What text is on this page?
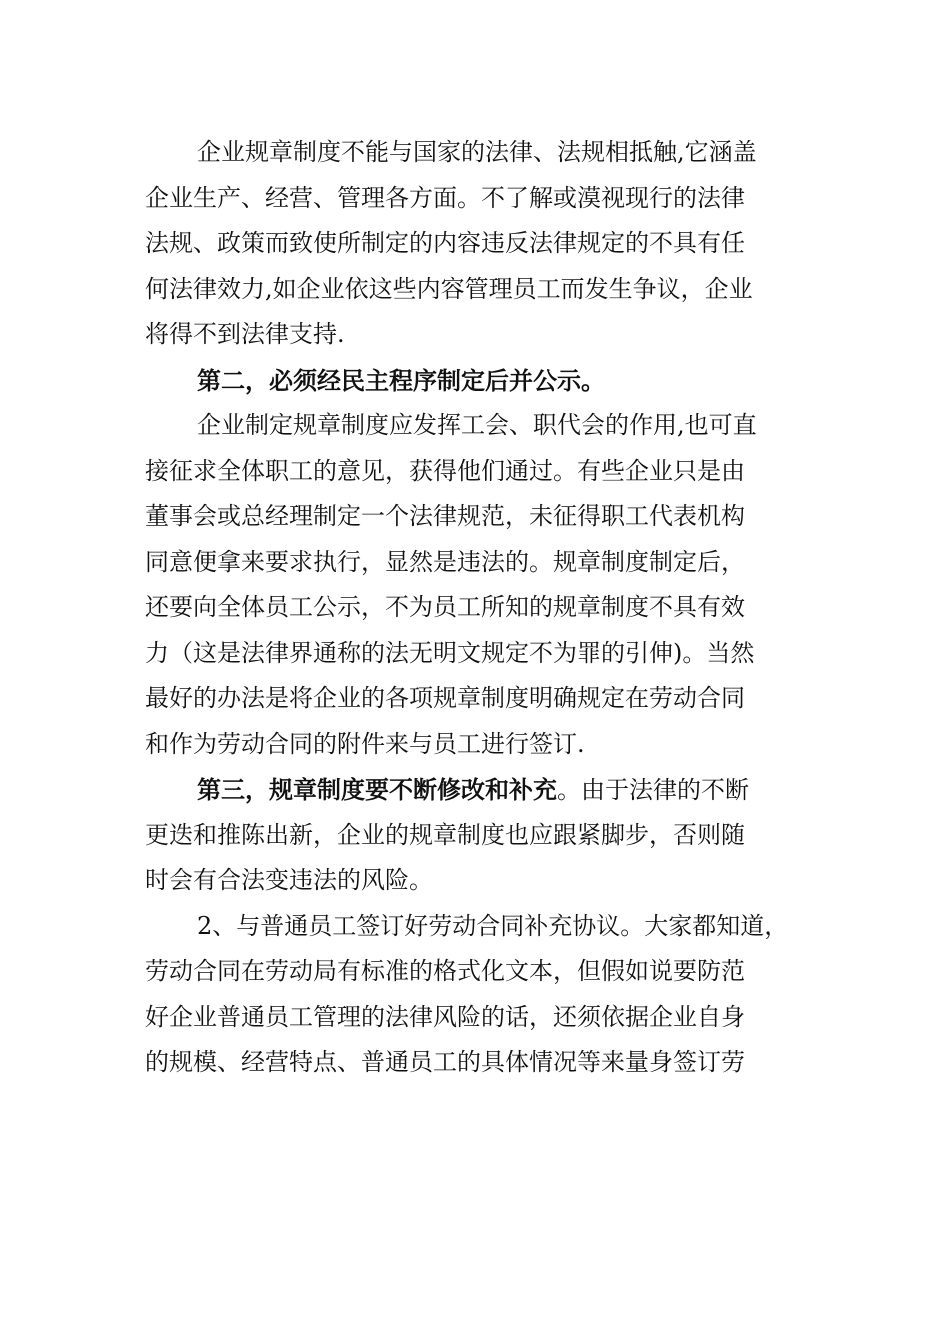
企业规章制度不能与国家的法律、法规相抵触,它涵盖
企业生产、经营、管理各方面。不了解或漠视现行的法律
法规、政策而致使所制定的内容违反法律规定的不具有任
何法律效力,如企业依这些内容管理员工而发生争议，企业
将得不到法律支持.
第二，必须经民主程序制定后并公示。
企业制定规章制度应发挥工会、职代会的作用,也可直
接征求全体职工的意见，获得他们通过。有些企业只是由
董事会或总经理制定一个法律规范，未征得职工代表机构
同意便拿来要求执行，显然是违法的。规章制度制定后，
还要向全体员工公示，不为员工所知的规章制度不具有效
力（这是法律界通称的法无明文规定不为罪的引伸)。当然
最好的办法是将企业的各项规章制度明确规定在劳动合同
和作为劳动合同的附件来与员工进行签订.
第三，规章制度要不断修改和补充。由于法律的不断
更迭和推陈出新，企业的规章制度也应跟紧脚步，否则随
时会有合法变违法的风险。
2、与普通员工签订好劳动合同补充协议。大家都知道，
劳动合同在劳动局有标准的格式化文本，但假如说要防范
好企业普通员工管理的法律风险的话，还须依据企业自身
的规模、经营特点、普通员工的具体情况等来量身签订劳
